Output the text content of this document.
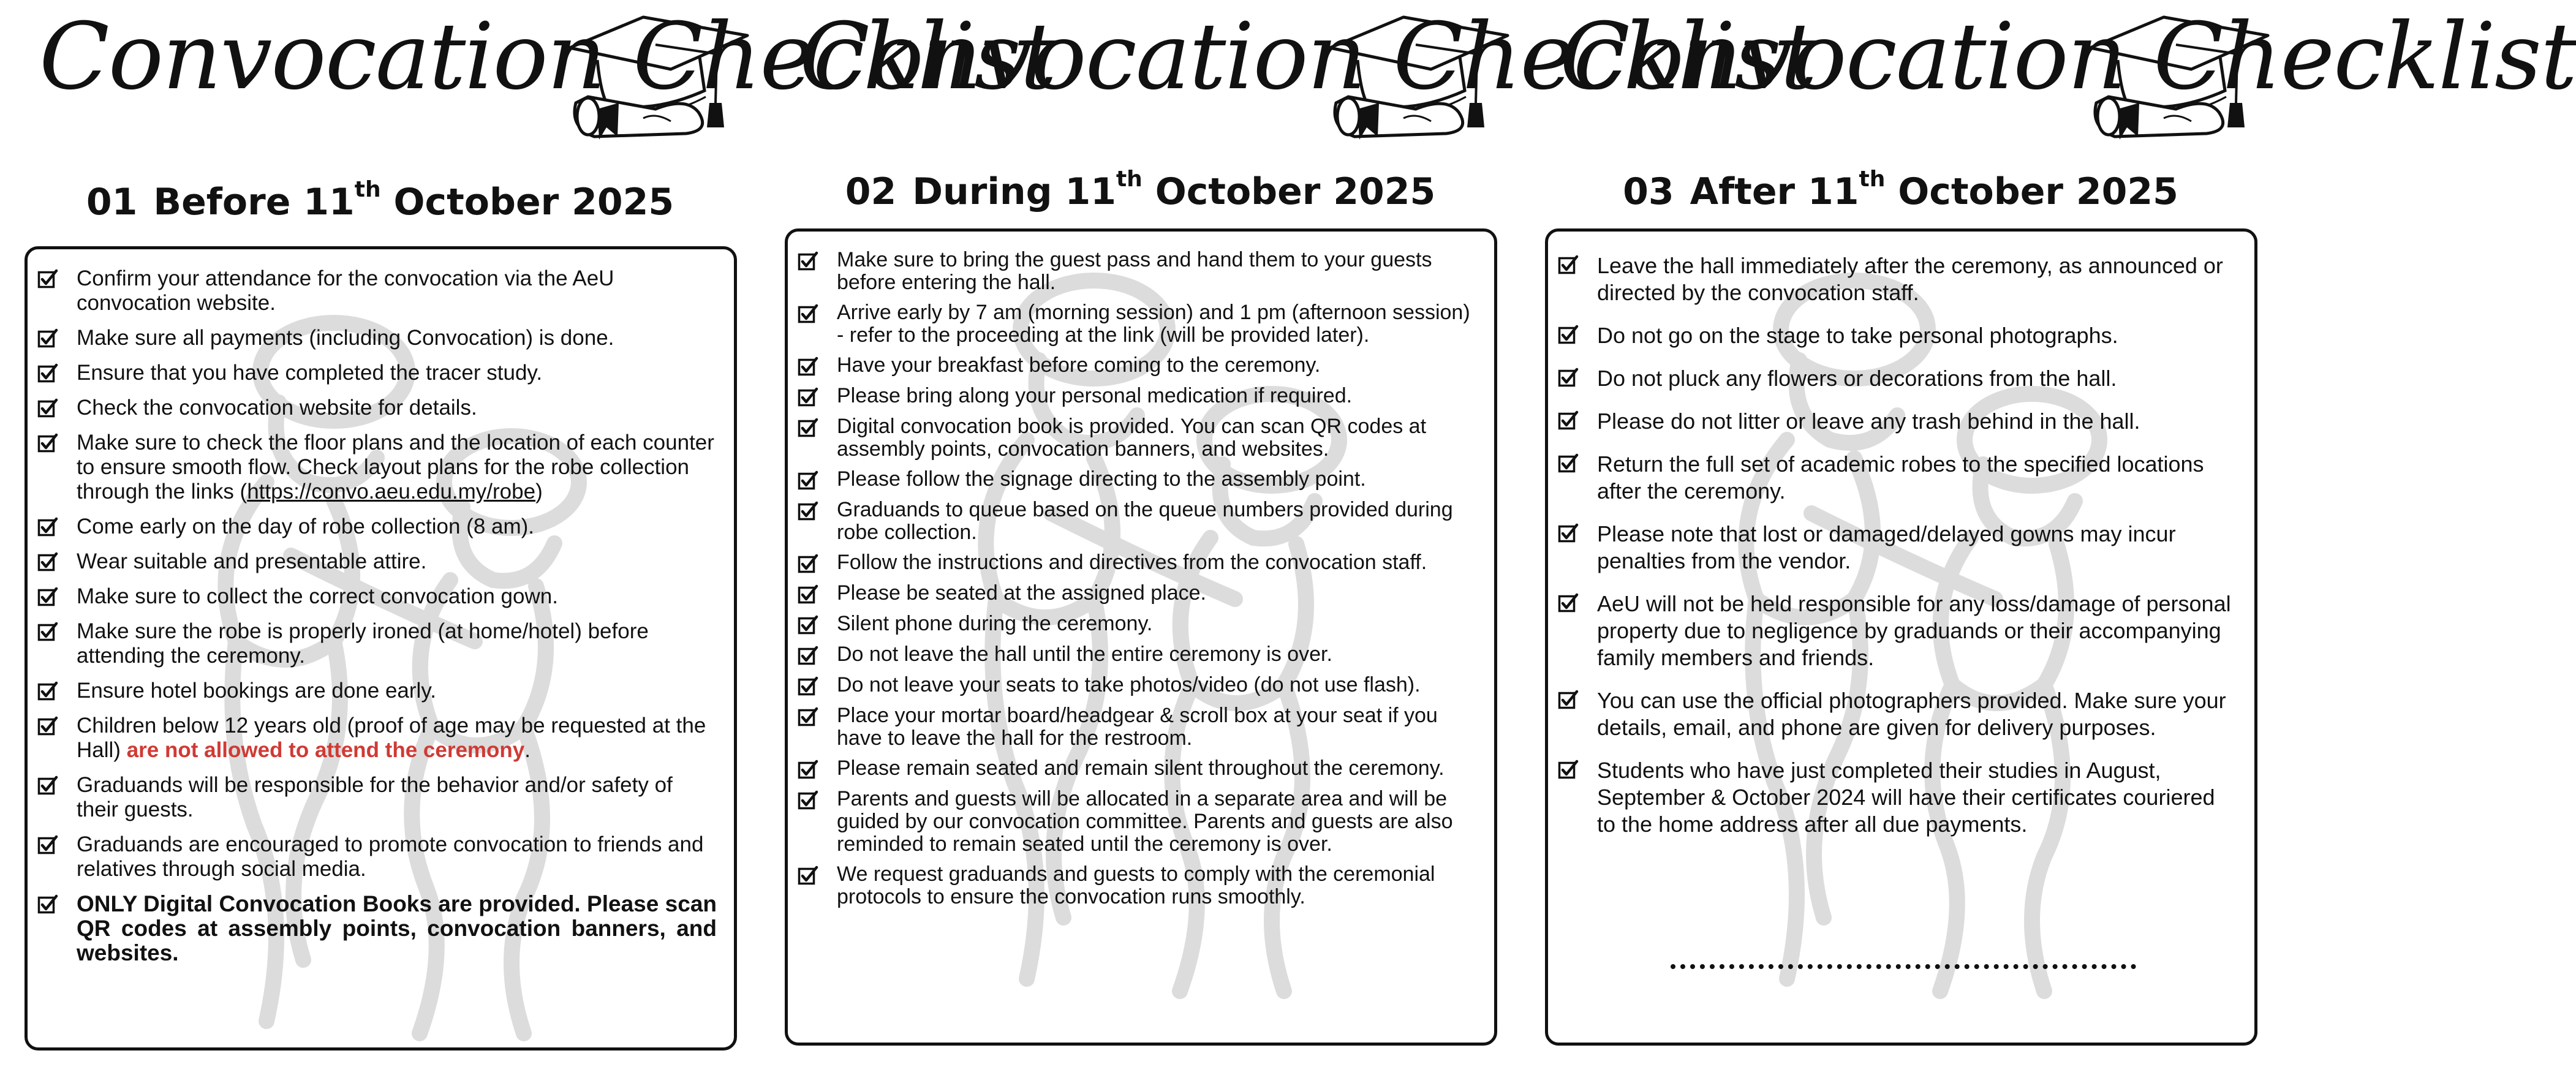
Convocation Checklist
01 Before 11th October 2025
Confirm your attendance for the convocation via the AeU convocation website.
Make sure all payments (including Convocation) is done.
Ensure that you have completed the tracer study.
Check the convocation website for details.
Make sure to check the floor plans and the location of each counter to ensure smooth flow. Check layout plans for the robe collection through the links (https://convo.aeu.edu.my/robe)
Come early on the day of robe collection (8 am).
Wear suitable and presentable attire.
Make sure to collect the correct convocation gown.
Make sure the robe is properly ironed (at home/hotel) before attending the ceremony.
Ensure hotel bookings are done early.
Children below 12 years old (proof of age may be requested at the Hall) are not allowed to attend the ceremony.
Graduands will be responsible for the behavior and/or safety of their guests.
Graduands are encouraged to promote convocation to friends and relatives through social media.
ONLY Digital Convocation Books are provided. Please scan QR codes at assembly points, convocation banners, and websites.
Convocation Checklist
02 During 11th October 2025
Make sure to bring the guest pass and hand them to your guests before entering the hall.
Arrive early by 7 am (morning session) and 1 pm (afternoon session) - refer to the proceeding at the link (will be provided later).
Have your breakfast before coming to the ceremony.
Please bring along your personal medication if required.
Digital convocation book is provided. You can scan QR codes at assembly points, convocation banners, and websites.
Please follow the signage directing to the assembly point.
Graduands to queue based on the queue numbers provided during robe collection.
Follow the instructions and directives from the convocation staff.
Please be seated at the assigned place.
Silent phone during the ceremony.
Do not leave the hall until the entire ceremony is over.
Do not leave your seats to take photos/video (do not use flash).
Place your mortar board/headgear & scroll box at your seat if you have to leave the hall for the restroom.
Please remain seated and remain silent throughout the ceremony.
Parents and guests will be allocated in a separate area and will be guided by our convocation committee. Parents and guests are also reminded to remain seated until the ceremony is over.
We request graduands and guests to comply with the ceremonial protocols to ensure the convocation runs smoothly.
Convocation Checklist
03 After 11th October 2025
Leave the hall immediately after the ceremony, as announced or directed by the convocation staff.
Do not go on the stage to take personal photographs.
Do not pluck any flowers or decorations from the hall.
Please do not litter or leave any trash behind in the hall.
Return the full set of academic robes to the specified locations after the ceremony.
Please note that lost or damaged/delayed gowns may incur penalties from the vendor.
AeU will not be held responsible for any loss/damage of personal property due to negligence by graduands or their accompanying family members and friends.
You can use the official photographers provided. Make sure your details, email, and phone are given for delivery purposes.
Students who have just completed their studies in August, September & October 2024 will have their certificates couriered to the home address after all due payments.
